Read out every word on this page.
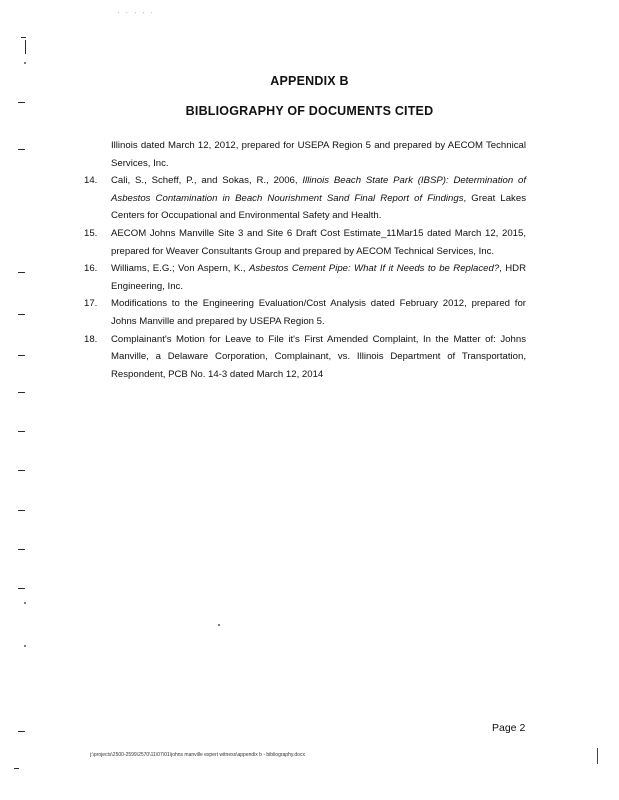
' ' ' ' '
APPENDIX B
BIBLIOGRAPHY OF DOCUMENTS CITED
Illinois dated March 12, 2012, prepared for USEPA Region 5 and prepared by AECOM Technical Services, Inc.
14.	Cali, S., Scheff, P., and Sokas, R., 2006, Illinois Beach State Park (IBSP): Determination of Asbestos Contamination in Beach Nourishment Sand Final Report of Findings, Great Lakes Centers for Occupational and Environmental Safety and Health.
15.	AECOM Johns Manville Site 3 and Site 6 Draft Cost Estimate_11Mar15 dated March 12, 2015, prepared for Weaver Consultants Group and prepared by AECOM Technical Services, Inc.
16.	Williams, E.G.; Von Aspern, K., Asbestos Cement Pipe: What If it Needs to be Replaced?, HDR Engineering, Inc.
17.	Modifications to the Engineering Evaluation/Cost Analysis dated February 2012, prepared for Johns Manville and prepared by USEPA Region 5.
18.	Complainant's Motion for Leave to File it's First Amended Complaint, In the Matter of: Johns Manville, a Delaware Corporation, Complainant, vs. Illinois Department of Transportation, Respondent, PCB No. 14-3 dated March 12, 2014
Page 2
j:\projects\2500-2599\2570\11\07\01\johns manville expert witness\appendix b - bibliography.docx
